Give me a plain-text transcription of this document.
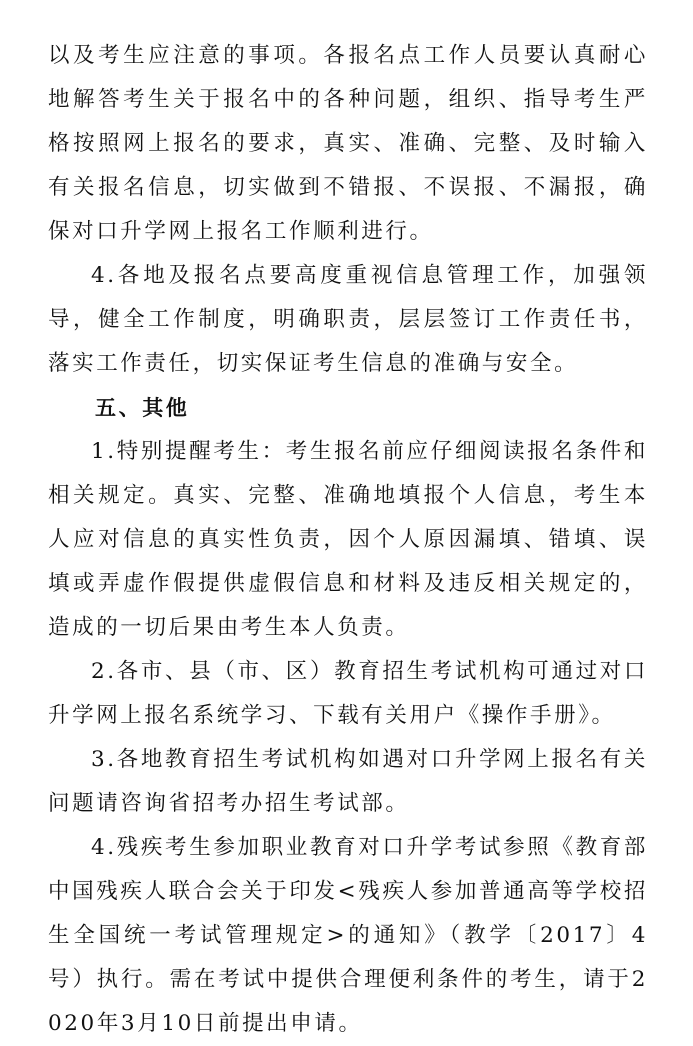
以及考生应注意的事项。各报名点工作人员要认真耐心地解答考生关于报名中的各种问题，组织、指导考生严格按照网上报名的要求，真实、准确、完整、及时输入有关报名信息，切实做到不错报、不误报、不漏报，确保对口升学网上报名工作顺利进行。

4.各地及报名点要高度重视信息管理工作，加强领导，健全工作制度，明确职责，层层签订工作责任书，落实工作责任，切实保证考生信息的准确与安全。

五、其他

1.特别提醒考生：考生报名前应仔细阅读报名条件和相关规定。真实、完整、准确地填报个人信息，考生本人应对信息的真实性负责，因个人原因漏填、错填、误填或弄虚作假提供虚假信息和材料及违反相关规定的，造成的一切后果由考生本人负责。

2.各市、县（市、区）教育招生考试机构可通过对口升学网上报名系统学习、下载有关用户《操作手册》。

3.各地教育招生考试机构如遇对口升学网上报名有关问题请咨询省招考办招生考试部。

4.残疾考生参加职业教育对口升学考试参照《教育部 中国残疾人联合会关于印发<残疾人参加普通高等学校招生全国统一考试管理规定>的通知》（教学〔2017〕4号）执行。需在考试中提供合理便利条件的考生，请于2020年3月10日前提出申请。
